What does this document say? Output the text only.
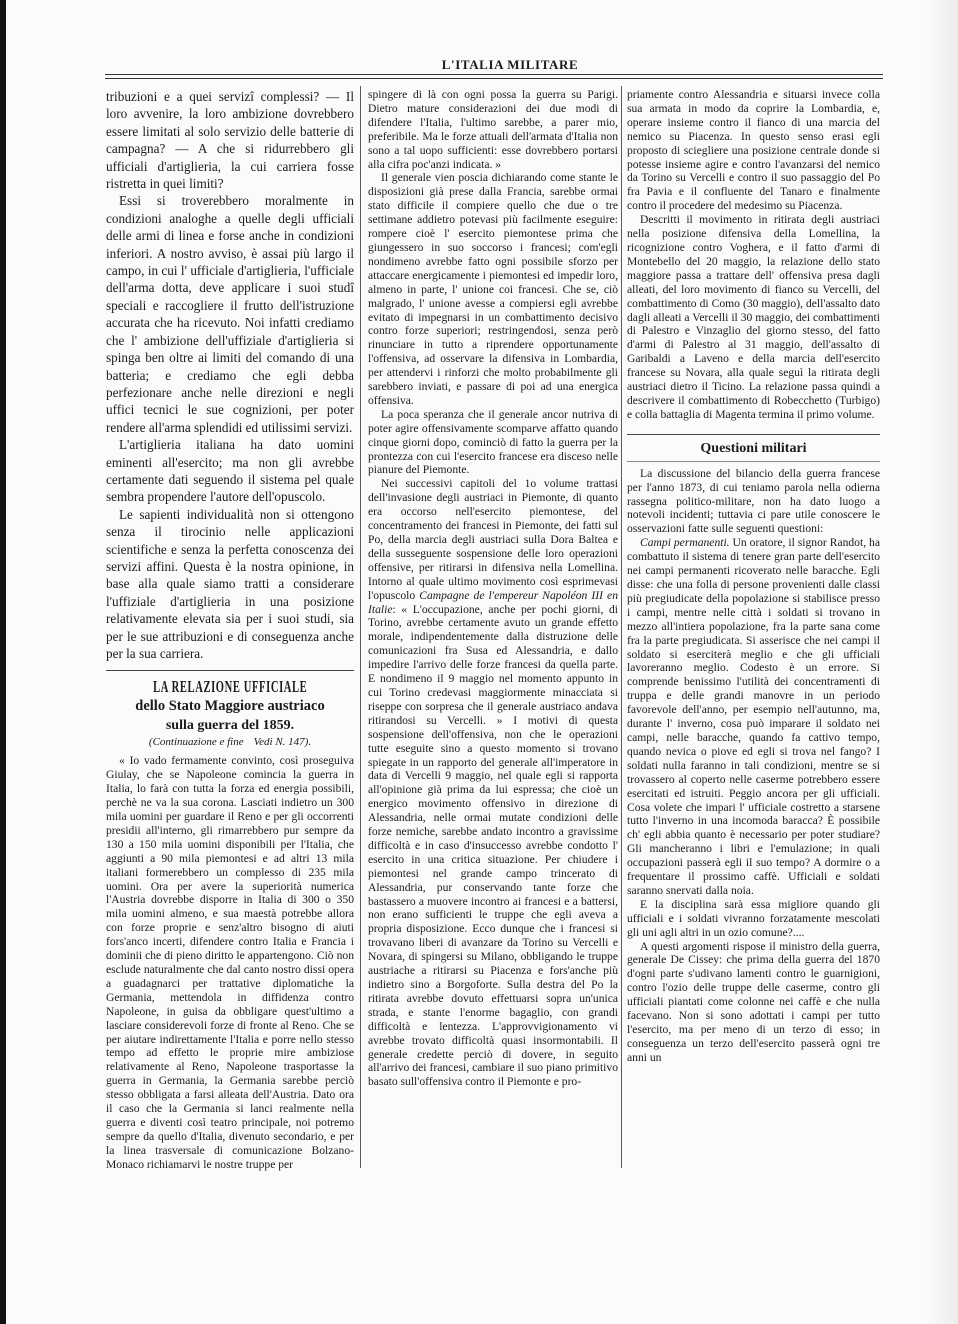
L'ITALIA MILITARE

tribuzioni e a quei servizî complessi? — Il loro avvenire, la loro ambizione dovrebbero essere limitati al solo servizio delle batterie di campagna? — A che si ridurrebbero gli ufficiali d'artiglieria, la cui carriera fosse ristretta in quei limiti?

Essi si troverebbero moralmente in condizioni analoghe a quelle degli ufficiali delle armi di linea e forse anche in condizioni inferiori. A nostro avviso, è assai più largo il campo, in cui l' ufficiale d'artiglieria, l'ufficiale dell'arma dotta, deve applicare i suoi studî speciali e raccogliere il frutto dell'istruzione accurata che ha ricevuto. Noi infatti crediamo che l' ambizione dell'uffiziale d'artiglieria si spinga ben oltre ai limiti del comando di una batteria; e crediamo che egli debba perfezionare anche nelle direzioni e negli uffici tecnici le sue cognizioni, per poter rendere all'arma splendidi ed utilissimi servizi.

L'artiglieria italiana ha dato uomini eminenti all'esercito; ma non gli avrebbe certamente dati seguendo il sistema pel quale sembra propendere l'autore dell'opuscolo.

Le sapienti individualità non si ottengono senza il tirocinio nelle applicazioni scientifiche e senza la perfetta conoscenza dei servizi affini. Questa è la nostra opinione, in base alla quale siamo tratti a considerare l'uffiziale d'artiglieria in una posizione relativamente elevata sia per i suoi studi, sia per le sue attribuzioni e di conseguenza anche per la sua carriera.

LA RELAZIONE UFFICIALE
dello Stato Maggiore austriaco
sulla guerra del 1859.
(Continuazione e fine Vedi N. 147).

« Io vado fermamente convinto, così proseguiva Giulay, che se Napoleone comincia la guerra in Italia, lo farà con tutta la forza ed energia possibili, perchè ne va la sua corona. Lasciati indietro un 300 mila uomini per guardare il Reno e per gli occorrenti presidii all'interno, gli rimarrebbero pur sempre da 130 a 150 mila uomini disponibili per l'Italia, che aggiunti a 90 mila piemontesi e ad altri 13 mila italiani formerebbero un complesso di 235 mila uomini. Ora per avere la superiorità numerica l'Austria dovrebbe disporre in Italia di 300 o 350 mila uomini almeno, e sua maestà potrebbe allora con forze proprie e senz'altro bisogno di aiuti fors'anco incerti, difendere contro Italia e Francia i dominii che di pieno diritto le appartengono. Ciò non esclude naturalmente che dal canto nostro dissi opera a guadagnarci per trattative diplomatiche la Germania, mettendola in diffidenza contro Napoleone, in guisa da obbligare quest'ultimo a lasciare considerevoli forze di fronte al Reno. Che se per aiutare indirettamente l'Italia e porre nello stesso tempo ad effetto le proprie mire ambiziose relativamente al Reno, Napoleone trasportasse la guerra in Germania, la Germania sarebbe perciò stesso obbligata a farsi alleata dell'Austria. Dato ora il caso che la Germania si lanci realmente nella guerra e diventi così teatro principale, noi potremo sempre da quello d'Italia, divenuto secondario, e per la linea trasversale di comunicazione Bolzano-Monaco richiamarvi le nostre truppe per

spingere di là con ogni possa la guerra su Parigi. Dietro mature considerazioni dei due modi di difendere l'Italia, l'ultimo sarebbe, a parer mio, preferibile. Ma le forze attuali dell'armata d'Italia non sono a tal uopo sufficienti: esse dovrebbero portarsi alla cifra poc'anzi indicata. »

Il generale vien poscia dichiarando come stante le disposizioni già prese dalla Francia, sarebbe ormai stato difficile il compiere quello che due o tre settimane addietro potevasi più facilmente eseguire: rompere cioè l' esercito piemontese prima che giungessero in suo soccorso i francesi; com'egli nondimeno avrebbe fatto ogni possibile sforzo per attaccare energicamente i piemontesi ed impedir loro, almeno in parte, l' unione coi francesi. Che se, ciò malgrado, l' unione avesse a compiersi egli avrebbe evitato di impegnarsi in un combattimento decisivo contro forze superiori; restringendosi, senza però rinunciare in tutto a riprendere opportunamente l'offensiva, ad osservare la difensiva in Lombardia, per attendervi i rinforzi che molto probabilmente gli sarebbero inviati, e passare di poi ad una energica offensiva.

La poca speranza che il generale ancor nutriva di poter agire offensivamente scomparve affatto quando cinque giorni dopo, cominciò di fatto la guerra per la prontezza con cui l'esercito francese era disceso nelle pianure del Piemonte.

Nei successivi capitoli del 1o volume trattasi dell'invasione degli austriaci in Piemonte, di quanto era occorso nell'esercito piemontese, del concentramento dei francesi in Piemonte, dei fatti sul Po, della marcia degli austriaci sulla Dora Baltea e della susseguente sospensione delle loro operazioni offensive, per ritirarsi in difensiva nella Lomellina. Intorno al quale ultimo movimento così esprimevasi l'opuscolo Campagne de l'empereur Napoléon III en Italie: « L'occupazione, anche per pochi giorni, di Torino, avrebbe certamente avuto un grande effetto morale, indipendentemente dalla distruzione delle comunicazioni fra Susa ed Alessandria, e dallo impedire l'arrivo delle forze francesi da quella parte. E nondimeno il 9 maggio nel momento appunto in cui Torino credevasi maggiormente minacciata si riseppe con sorpresa che il generale austriaco andava ritirandosi su Vercelli. » I motivi di questa sospensione dell'offensiva, non che le operazioni tutte eseguite sino a questo momento si trovano spiegate in un rapporto del generale all'imperatore in data di Vercelli 9 maggio, nel quale egli si rapporta all'opinione già prima da lui espressa; che cioè un energico movimento offensivo in direzione di Alessandria, nelle ormai mutate condizioni delle forze nemiche, sarebbe andato incontro a gravissime difficoltà e in caso d'insuccesso avrebbe condotto l' esercito in una critica situazione. Per chiudere i piemontesi nel grande campo trincerato di Alessandria, pur conservando tante forze che bastassero a muovere incontro ai francesi e a battersi, non erano sufficienti le truppe che egli aveva a propria disposizione. Ecco dunque che i francesi si trovavano liberi di avanzare da Torino su Vercelli e Novara, di spingersi su Milano, obbligando le truppe austriache a ritirarsi su Piacenza e fors'anche più indietro sino a Borgoforte. Sulla destra del Po la ritirata avrebbe dovuto effettuarsi sopra un'unica strada, e stante l'enorme bagaglio, con grandi difficoltà e lentezza. L'approvvigionamento vi avrebbe trovato difficoltà quasi insormontabili. Il generale credette perciò di dovere, in seguito all'arrivo dei francesi, cambiare il suo piano primitivo basato sull'offensiva contro il Piemonte e pro-

priamente contro Alessandria e situarsi invece colla sua armata in modo da coprire la Lombardia, e, operare insieme contro il fianco di una marcia del nemico su Piacenza. In questo senso erasi egli proposto di sciegliere una posizione centrale donde si potesse insieme agire e contro l'avanzarsi del nemico da Torino su Vercelli e contro il suo passaggio del Po fra Pavia e il confluente del Tanaro e finalmente contro il procedere del medesimo su Piacenza.

Descritti il movimento in ritirata degli austriaci nella posizione difensiva della Lomellina, la ricognizione contro Voghera, e il fatto d'armi di Montebello del 20 maggio, la relazione dello stato maggiore passa a trattare dell' offensiva presa dagli alleati, del loro movimento di fianco su Vercelli, del combattimento di Como (30 maggio), dell'assalto dato dagli alleati a Vercelli il 30 maggio, dei combattimenti di Palestro e Vinzaglio del giorno stesso, del fatto d'armi di Palestro al 31 maggio, dell'assalto di Garibaldi a Laveno e della marcia dell'esercito francese su Novara, alla quale seguì la ritirata degli austriaci dietro il Ticino. La relazione passa quindi a descrivere il combattimento di Robecchetto (Turbigo) e colla battaglia di Magenta termina il primo volume.

Questioni militari

La discussione del bilancio della guerra francese per l'anno 1873, di cui teniamo parola nella odierna rassegna politico-militare, non ha dato luogo a notevoli incidenti; tuttavia ci pare utile conoscere le osservazioni fatte sulle seguenti questioni:

Campi permanenti. Un oratore, il signor Randot, ha combattuto il sistema di tenere gran parte dell'esercito nei campi permanenti ricoverato nelle baracche. Egli disse: che una folla di persone provenienti dalle classi più pregiudicate della popolazione si stabilisce presso i campi, mentre nelle città i soldati si trovano in mezzo all'intiera popolazione, fra la parte sana come fra la parte pregiudicata. Si asserisce che nei campi il soldato si eserciterà meglio e che gli ufficiali lavoreranno meglio. Codesto è un errore. Si comprende benissimo l'utilità dei concentramenti di truppa e delle grandi manovre in un periodo favorevole dell'anno, per esempio nell'autunno, ma, durante l' inverno, cosa può imparare il soldato nei campi, nelle baracche, quando fa cattivo tempo, quando nevica o piove ed egli si trova nel fango? I soldati nulla faranno in tali condizioni, mentre se si trovassero al coperto nelle caserme potrebbero essere esercitati ed istruiti. Peggio ancora per gli ufficiali. Cosa volete che impari l' ufficiale costretto a starsene tutto l'inverno in una incomoda baracca? È possibile ch' egli abbia quanto è necessario per poter studiare? Gli mancheranno i libri e l'emulazione; in quali occupazioni passerà egli il suo tempo? A dormire o a frequentare il prossimo caffè. Ufficiali e soldati saranno snervati dalla noia.

E la disciplina sarà essa migliore quando gli ufficiali e i soldati vivranno forzatamente mescolati gli uni agli altri in un ozio comune?....

A questi argomenti rispose il ministro della guerra, generale De Cissey: che prima della guerra del 1870 d'ogni parte s'udivano lamenti contro le guarnigioni, contro l'ozio delle truppe delle caserme, contro gli ufficiali piantati come colonne nei caffè e che nulla facevano. Non si sono adottati i campi per tutto l'esercito, ma per meno di un terzo di esso; in conseguenza un terzo dell'esercito passerà ogni tre anni un
